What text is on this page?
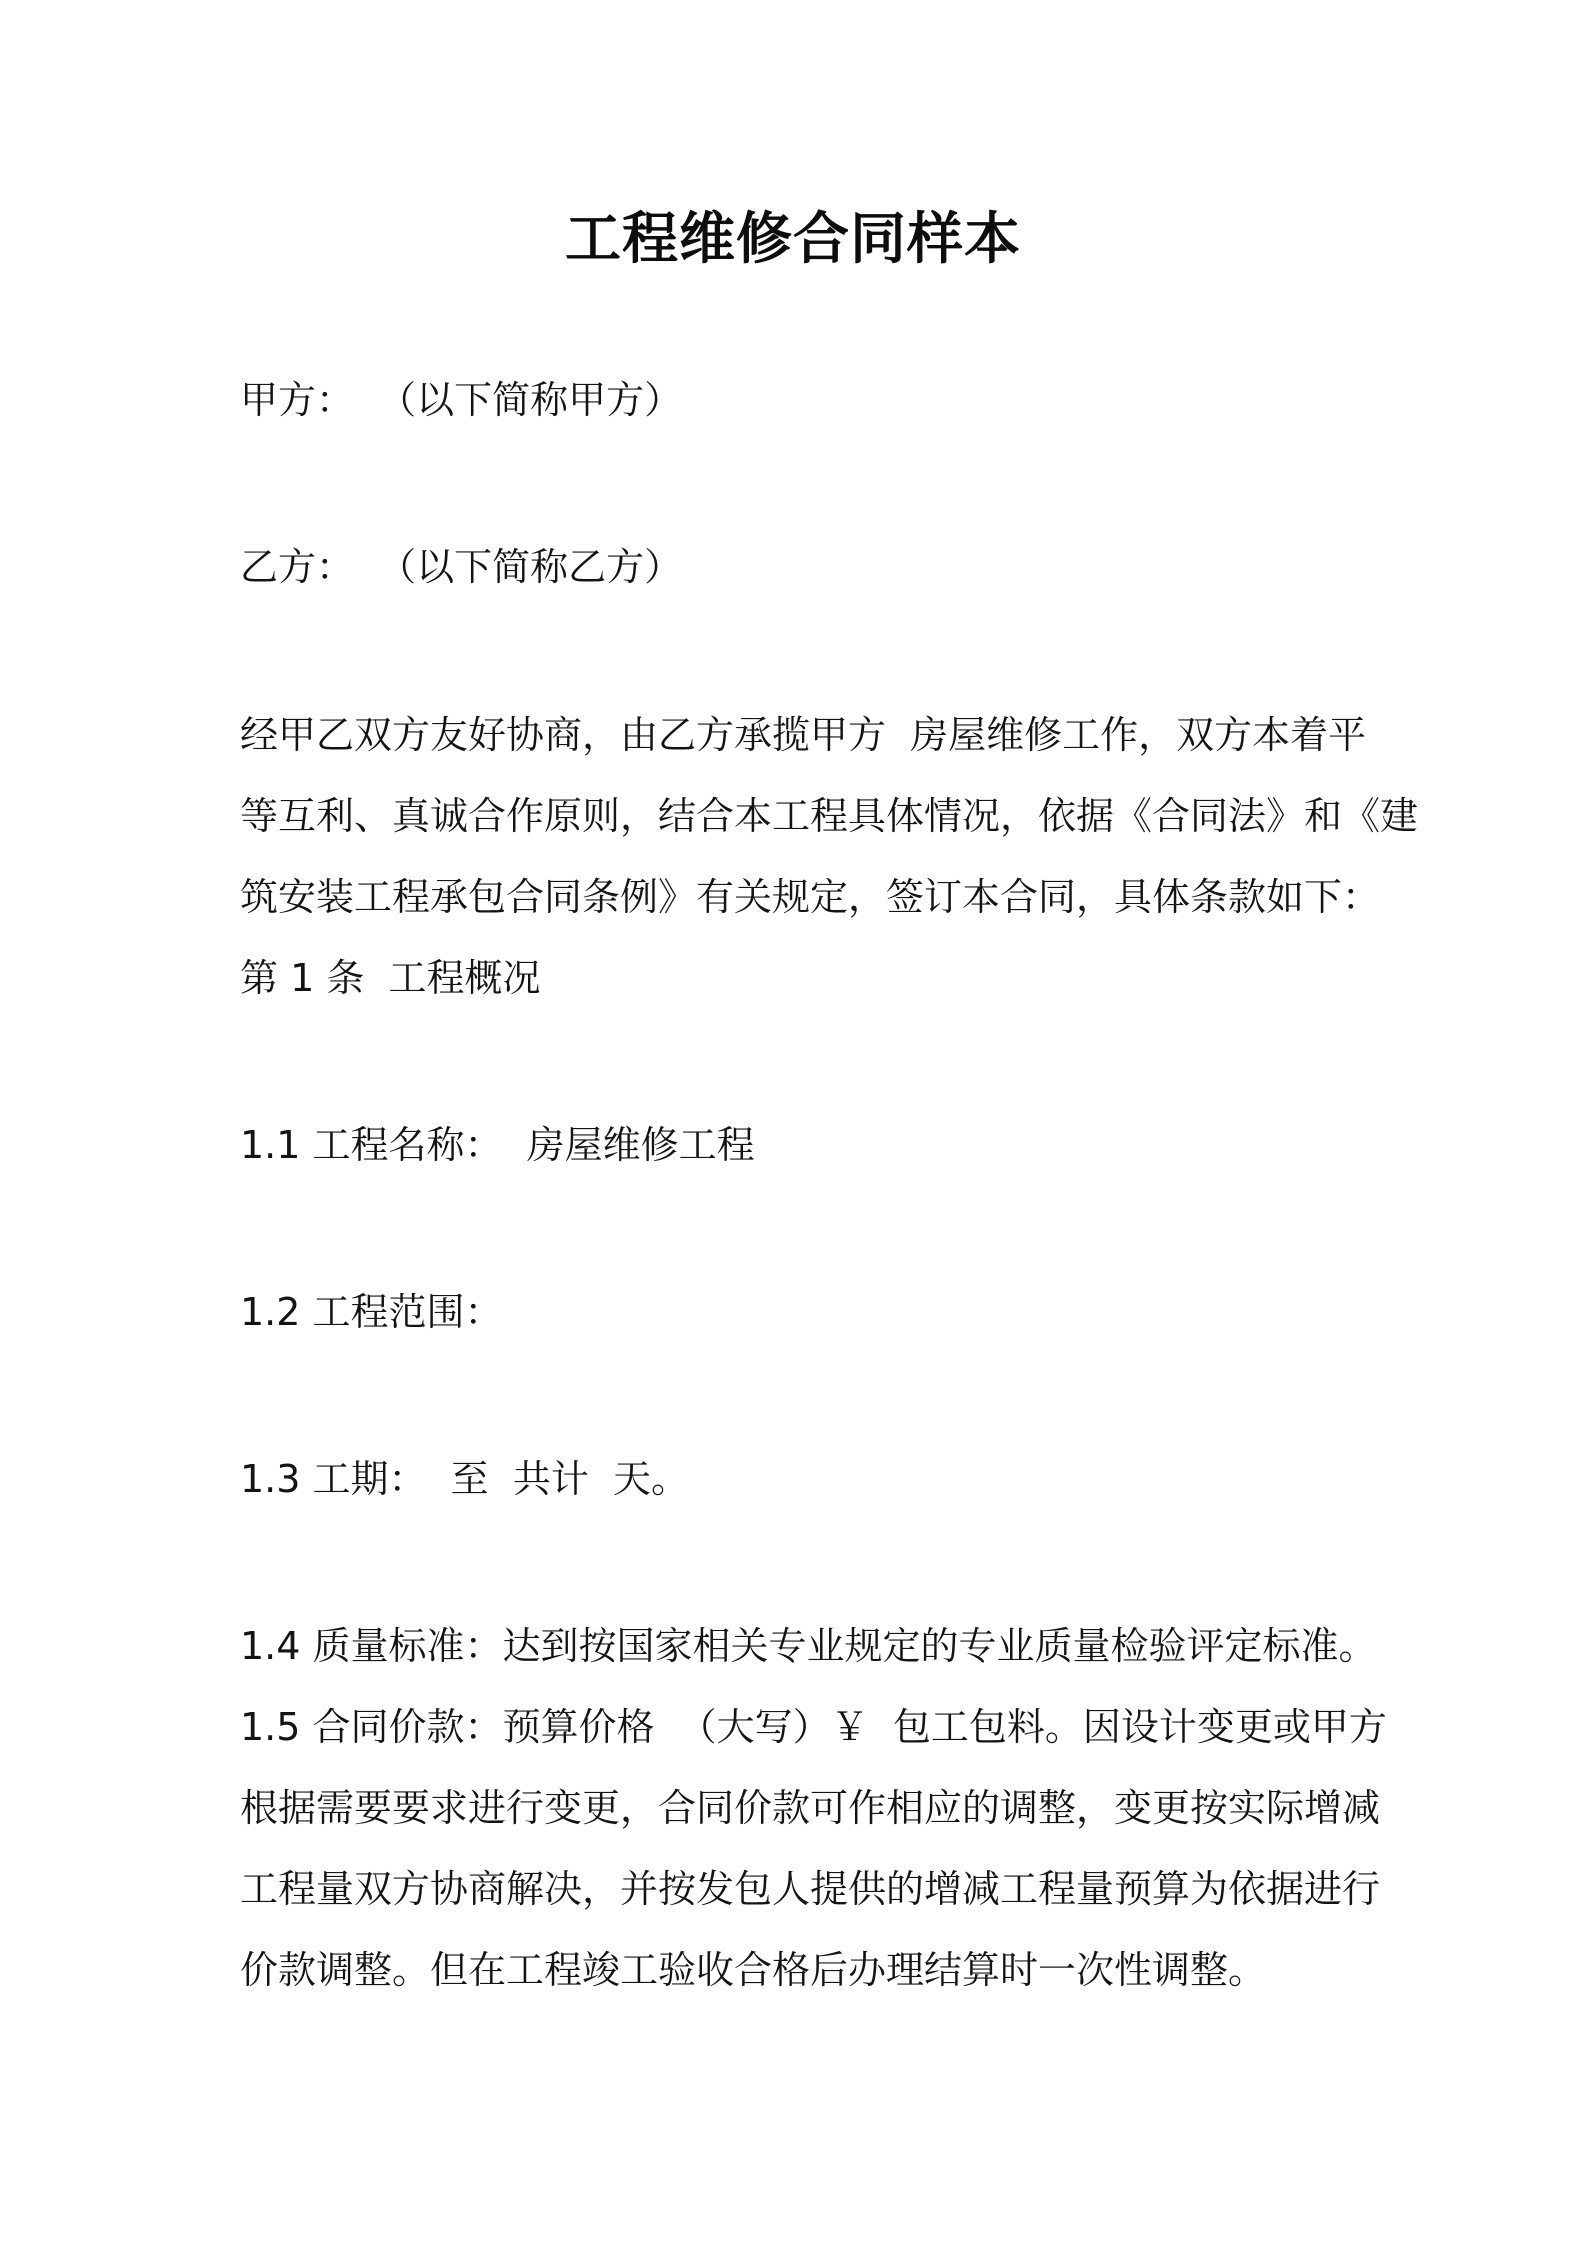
工程维修合同样本
甲方：  （以下简称甲方）
乙方：  （以下简称乙方）
经甲乙双方友好协商，由乙方承揽甲方  房屋维修工作，双方本着平
等互利、真诚合作原则，结合本工程具体情况，依据《合同法》和《建
筑安装工程承包合同条例》有关规定，签订本合同，具体条款如下：
第 1 条  工程概况
1.1 工程名称：  房屋维修工程
1.2 工程范围：
1.3 工期：  至  共计  天。
1.4 质量标准：达到按国家相关专业规定的专业质量检验评定标准。
1.5 合同价款：预算价格  （大写）￥  包工包料。因设计变更或甲方
根据需要要求进行变更，合同价款可作相应的调整，变更按实际增减
工程量双方协商解决，并按发包人提供的增减工程量预算为依据进行
价款调整。但在工程竣工验收合格后办理结算时一次性调整。
